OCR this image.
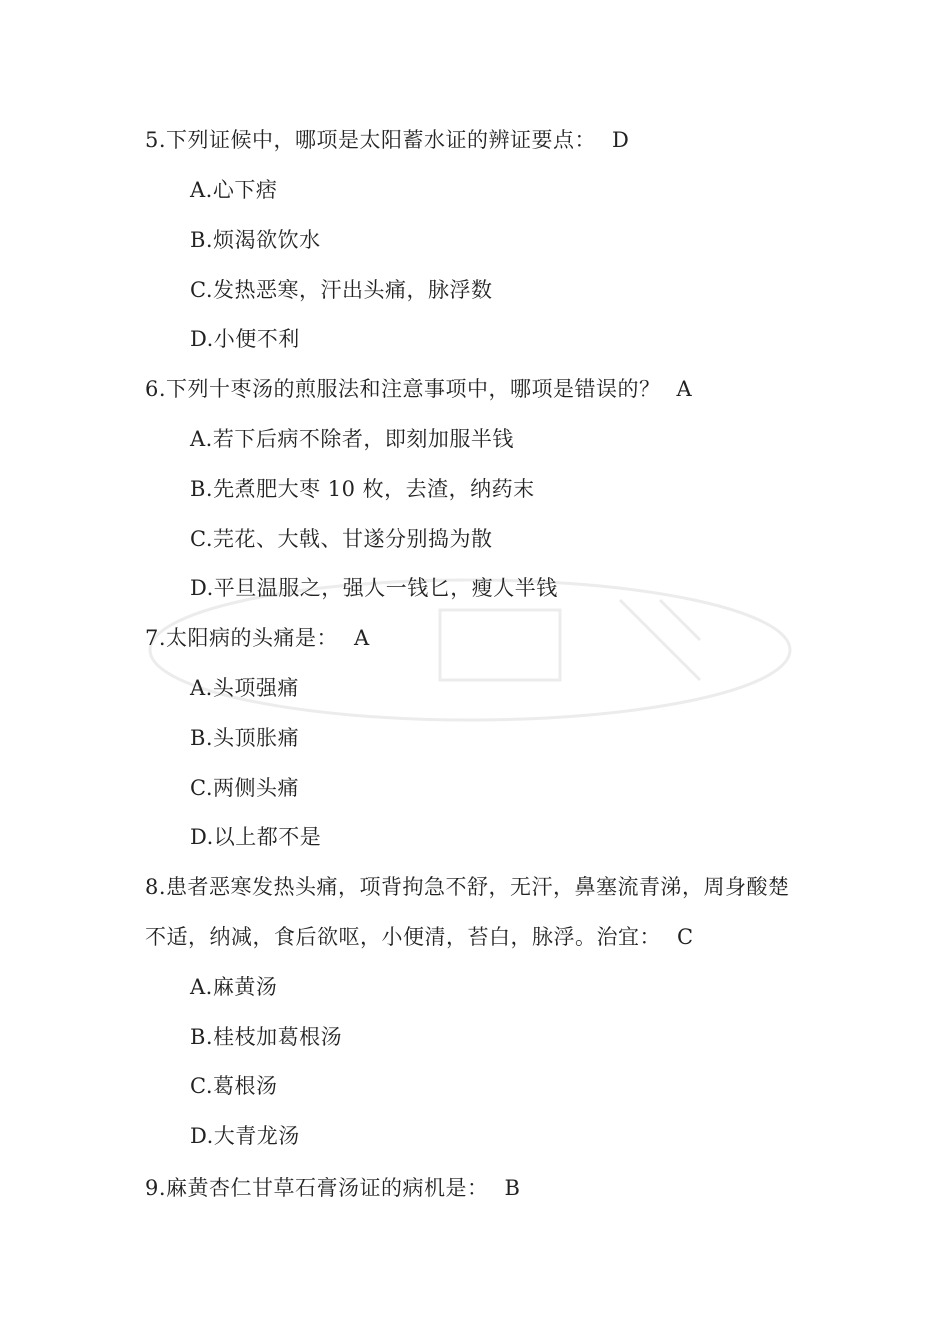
5.下列证候中，哪项是太阳蓄水证的辨证要点： D
A.心下痞
B.烦渴欲饮水
C.发热恶寒，汗出头痛，脉浮数
D.小便不利
6.下列十枣汤的煎服法和注意事项中，哪项是错误的？ A
A.若下后病不除者，即刻加服半钱
B.先煮肥大枣 10 枚，去渣，纳药末
C.芫花、大戟、甘遂分别捣为散
D.平旦温服之，强人一钱匕，瘦人半钱
7.太阳病的头痛是： A
A.头项强痛
B.头顶胀痛
C.两侧头痛
D.以上都不是
8.患者恶寒发热头痛，项背拘急不舒，无汗，鼻塞流青涕，周身酸楚
不适，纳减，食后欲呕，小便清，苔白，脉浮。治宜： C
A.麻黄汤
B.桂枝加葛根汤
C.葛根汤
D.大青龙汤
9.麻黄杏仁甘草石膏汤证的病机是： B
